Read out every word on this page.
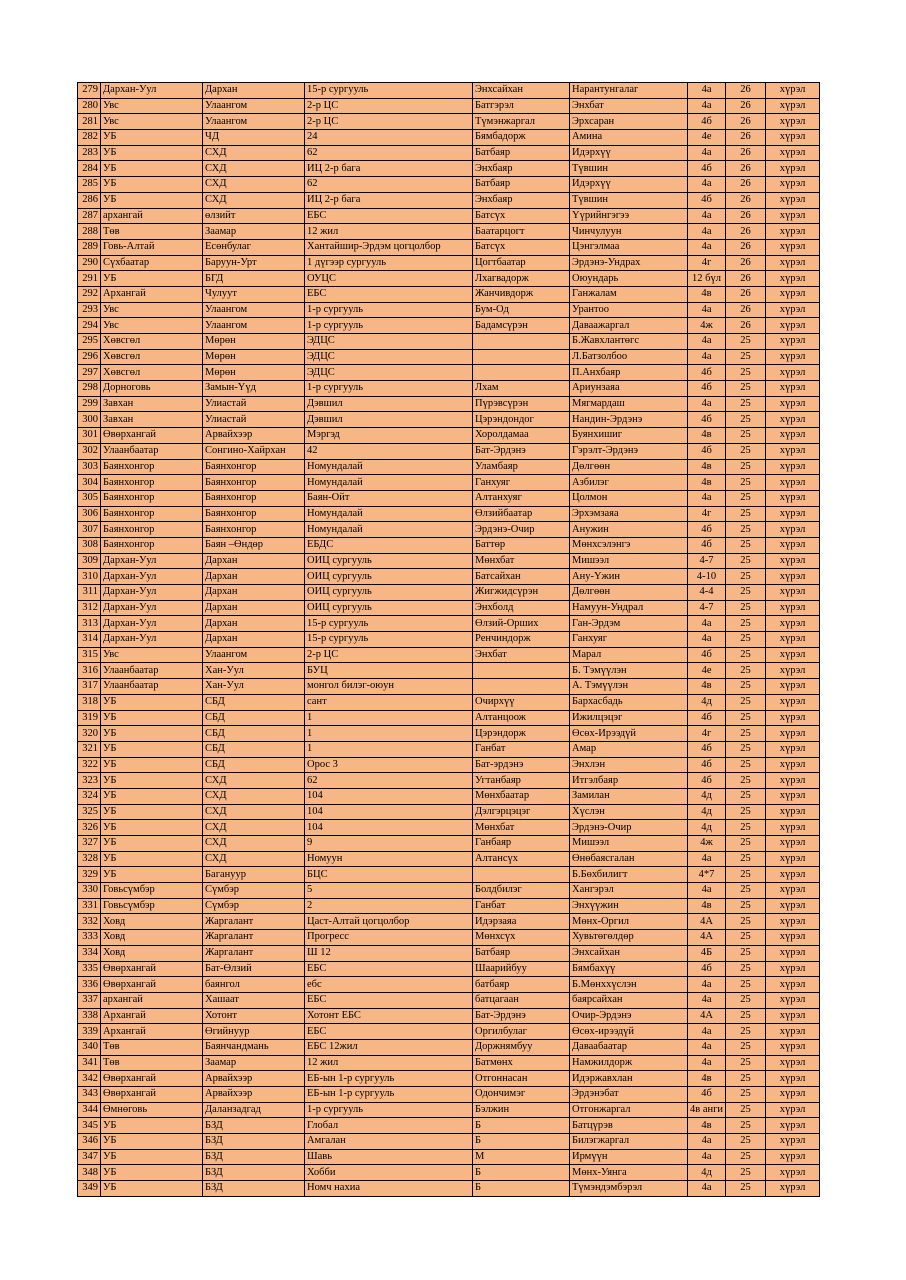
279	Дархан-Уул	Дархан	15-р сургууль	Энхсайхан	Нарантунгалаг	4а	26	хүрэл
280	Увс	Улаангом	2-р ЦС	Батгэрэл	Энхбат	4а	26	хүрэл
281	Увс	Улаангом	2-р ЦС	Түмэнжаргал	Эрхсаран	4б	26	хүрэл
282	УБ	ЧД	24	Бямбадорж	Амина	4е	26	хүрэл
283	УБ	СХД	62	Батбаяр	Идэрхүү	4а	26	хүрэл
284	УБ	СХД	ИЦ 2-р бага	Энхбаяр	Түвшин	4б	26	хүрэл
285	УБ	СХД	62	Батбаяр	Идэрхүү	4а	26	хүрэл
286	УБ	СХД	ИЦ 2-р бага	Энхбаяр	Түвшин	4б	26	хүрэл
287	архангай	өлзийт	ЕБС	Батсүх	Үүрийнгэгээ	4а	26	хүрэл
288	Төв	Заамар	12 жил	Баатарцогт	Чинчулуун	4а	26	хүрэл
289	Говь-Алтай	Есөнбулаг	Хантайшир-Эрдэм цогцолбор	Батсүх	Цэнгэлмаа	4а	26	хүрэл
290	Сүхбаатар	Баруун-Урт	1 дүгээр сургууль	Цогтбаатар	Эрдэнэ-Ундрах	4г	26	хүрэл
291	УБ	БГД	ОУЦС	Лхагвадорж	Оюундарь	12 бүл	26	хүрэл
292	Архангай	Чулуут	ЕБС	Жанчивдорж	Ганжалам	4в	26	хүрэл
293	Увс	Улаангом	1-р сургууль	Бум-Од	Урантоо	4а	26	хүрэл
294	Увс	Улаангом	1-р сургууль	Бадамсүрэн	Даваажаргал	4ж	26	хүрэл
295	Хөвсгөл	Мөрөн	ЭДЦС		Б.Жавхлантөгс	4а	25	хүрэл
296	Хөвсгөл	Мөрөн	ЭДЦС		Л.Батзолбоо	4а	25	хүрэл
297	Хөвсгөл	Мөрөн	ЭДЦС		П.Анхбаяр	4б	25	хүрэл
298	Дорноговь	Замын-Үүд	1-р сургууль	Лхам	Ариунзаяа	4б	25	хүрэл
299	Завхан	Улиастай	Дэвшил	Пүрэвсүрэн	Мягмардаш	4а	25	хүрэл
300	Завхан	Улиастай	Дэвшил	Цэрэндондог	Нандин-Эрдэнэ	4б	25	хүрэл
301	Өвөрхангай	Арвайхээр	Мэргэд	Хоролдамаа	Буянхишиг	4в	25	хүрэл
302	Улаанбаатар	Сонгино-Хайрхан	42	Бат-Эрдэнэ	Гэрэлт-Эрдэнэ	4б	25	хүрэл
303	Баянхонгор	Баянхонгор	Номундалай	Уламбаяр	Дөлгөөн	4в	25	хүрэл
304	Баянхонгор	Баянхонгор	Номундалай	Ганхуяг	Азбилэг	4в	25	хүрэл
305	Баянхонгор	Баянхонгор	Баян-Ойт	Алтанхуяг	Цолмон	4а	25	хүрэл
306	Баянхонгор	Баянхонгор	Номундалай	Өлзийбаатар	Эрхэмзаяа	4г	25	хүрэл
307	Баянхонгор	Баянхонгор	Номундалай	Эрдэнэ-Очир	Анужин	4б	25	хүрэл
308	Баянхонгор	Баян –Өндөр	ЕБДС	Баттөр	Мөнхсэлэнгэ	4б	25	хүрэл
309	Дархан-Уул	Дархан	ОИЦ сургууль	Мөнхбат	Мишээл	4-7	25	хүрэл
310	Дархан-Уул	Дархан	ОИЦ сургууль	Батсайхан	Ану-Үжин	4-10	25	хүрэл
311	Дархан-Уул	Дархан	ОИЦ сургууль	Жигжидсүрэн	Дөлгөөн	4-4	25	хүрэл
312	Дархан-Уул	Дархан	ОИЦ сургууль	Энхболд	Намуун-Ундрал	4-7	25	хүрэл
313	Дархан-Уул	Дархан	15-р сургууль	Өлзий-Орших	Ган-Эрдэм	4а	25	хүрэл
314	Дархан-Уул	Дархан	15-р сургууль	Ренчиндорж	Ганхуяг	4а	25	хүрэл
315	Увс	Улаангом	2-р ЦС	Энхбат	Марал	4б	25	хүрэл
316	Улаанбаатар	Хан-Уул	БУЦ		Б. Тэмүүлэн	4е	25	хүрэл
317	Улаанбаатар	Хан-Уул	монгол билэг-оюун		А. Тэмүүлэн	4в	25	хүрэл
318	УБ	СБД	сант	Очирхүү	Бархасбадь	4д	25	хүрэл
319	УБ	СБД	1	Алтанцоож	Ижилцэцэг	4б	25	хүрэл
320	УБ	СБД	1	Цэрэндорж	Өсөх-Ирээдүй	4г	25	хүрэл
321	УБ	СБД	1	Ганбат	Амар	4б	25	хүрэл
322	УБ	СБД	Орос 3	Бат-эрдэнэ	Энхлэн	4б	25	хүрэл
323	УБ	СХД	62	Угтанбаяр	Итгэлбаяр	4б	25	хүрэл
324	УБ	СХД	104	Мөнхбаатар	Замилан	4д	25	хүрэл
325	УБ	СХД	104	Дэлгэрцэцэг	Хүслэн	4д	25	хүрэл
326	УБ	СХД	104	Мөнхбат	Эрдэнэ-Очир	4д	25	хүрэл
327	УБ	СХД	9	Ганбаяр	Мишээл	4ж	25	хүрэл
328	УБ	СХД	Номуун	Алтансүх	Өнөбаясгалан	4а	25	хүрэл
329	УБ	Багануур	БЦС		Б.Бөхбилигт	4*7	25	хүрэл
330	Говьсүмбэр	Сүмбэр	5	Болдбилэг	Хангэрэл	4а	25	хүрэл
331	Говьсүмбэр	Сүмбэр	2	Ганбат	Энхүүжин	4в	25	хүрэл
332	Ховд	Жаргалант	Цаст-Алтай цогцолбор	Идэрзаяа	Мөнх-Оргил	4А	25	хүрэл
333	Ховд	Жаргалант	Прогресс	Мөнхсүх	Хувьтөгөлдөр	4А	25	хүрэл
334	Ховд	Жаргалант	Ш 12	Батбаяр	Энхсайхан	4Б	25	хүрэл
335	Өвөрхангай	Бат-Өлзий	ЕБС	Шаарийбуу	Бямбахүү	4б	25	хүрэл
336	Өвөрхангай	баянгол	ебс	батбаяр	Б.Мөнххүслэн	4а	25	хүрэл
337	архангай	Хашаат	ЕБС	батцагаан	баярсайхан	4а	25	хүрэл
338	Архангай	Хотонт	Хотонт ЕБС	Бат-Эрдэнэ	Очир-Эрдэнэ	4А	25	хүрэл
339	Архангай	Өгийнуур	ЕБС	Оргилбулаг	Өсөх-ирээдүй	4а	25	хүрэл
340	Төв	Баянчандмань	ЕБС 12жил	Доржнямбуу	Даваабаатар	4а	25	хүрэл
341	Төв	Заамар	12 жил	Батмөнх	Намжилдорж	4а	25	хүрэл
342	Өвөрхангай	Арвайхээр	ЕБ-ын 1-р сургууль	Отгоннасан	Идэржавхлан	4в	25	хүрэл
343	Өвөрхангай	Арвайхээр	ЕБ-ын 1-р сургууль	Одончимэг	Эрдэнэбат	4б	25	хүрэл
344	Өмнөговь	Даланзадгад	1-р сургууль	Бэлжин	Отгонжаргал	4в анги	25	хүрэл
345	УБ	БЗД	Глобал	Б	Батцүрэв	4в	25	хүрэл
346	УБ	БЗД	Амгалан	Б	Билэгжаргал	4а	25	хүрэл
347	УБ	БЗД	Шавь	М	Ирмүүн	4а	25	хүрэл
348	УБ	БЗД	Хобби	Б	Мөнх-Уянга	4д	25	хүрэл
349	УБ	БЗД	Номч нахиа	Б	Түмэндэмбэрэл	4а	25	хүрэл
